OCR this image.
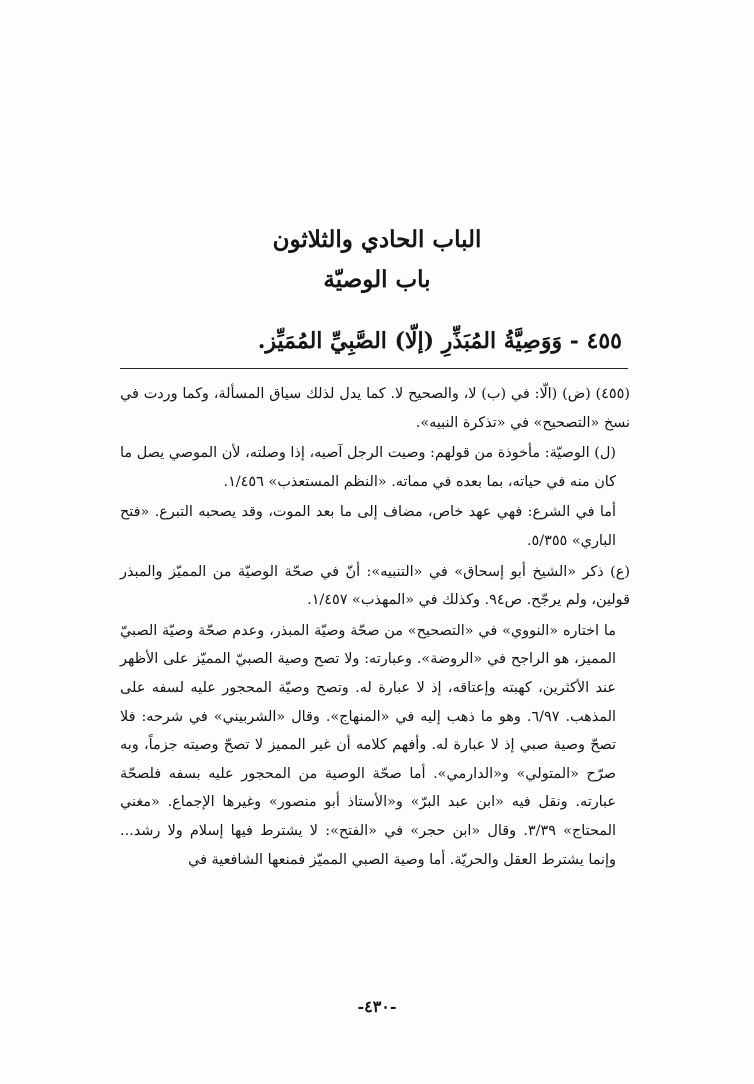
الباب الحادي والثلاثون
باب الوصيّة
٤٥٥ - وَوَصِيَّةُ المُبَذِّرِ (إلّا) الصَّبِيِّ المُمَيِّز.

(٤٥٥) (ض) (الّا: في (ب) لا، والصحيح لا. كما يدل لذلك سياق المسألة، وكما وردت في نسخ «التصحيح» في «تذكرة النبيه».

(ل) الوصيّة: مأخوذة من قولهم: وصيت الرجل آصيه، إذا وصلته، لأن الموصي يصل ما كان منه في حياته، بما بعده في مماته. «النظم المستعذب» ١/٤٥٦.

أما في الشرع: فهي عهد خاص، مضاف إلى ما بعد الموت، وقد يصحبه التبرع. «فتح الباري» ٥/٣٥٥.

(ع) ذكر «الشيخ أبو إسحاق» في «التنبيه»: أنّ في صحّة الوصيّة من المميّز والمبذر قولين، ولم يرجّح. ص٩٤. وكذلك في «المهذب» ١/٤٥٧.

ما اختاره «النووي» في «التصحيح» من صحّة وصيّة المبذر، وعدم صحّة وصيّة الصبيّ المميز، هو الراجح في «الروضة». وعبارته: ولا تصح وصية الصبيّ المميّز على الأظهر عند الأكثرين، كهبته وإعتاقه، إذ لا عبارة له. وتصح وصيّة المحجور عليه لسفه على المذهب. ٦/٩٧. وهو ما ذهب إليه في «المنهاج». وقال «الشربيني» في شرحه: فلا تصحّ وصية صبي إذ لا عبارة له. وأفهم كلامه أن غير المميز لا تصحّ وصيته جزماً، وبه صرّح «المتولي» و«الدارمي». أما صحّة الوصية من المحجور عليه بسفه فلصحّة عبارته. ونقل فيه «ابن عبد البرّ» و«الأستاذ أبو منصور» وغيرها الإجماع. «مغني المحتاج» ٣/٣٩. وقال «ابن حجر» في «الفتح»: لا يشترط فيها إسلام ولا رشد... وإنما يشترط العقل والحريّة. أما وصية الصبي المميّز فمنعها الشافعية في

-٤٣٠-
